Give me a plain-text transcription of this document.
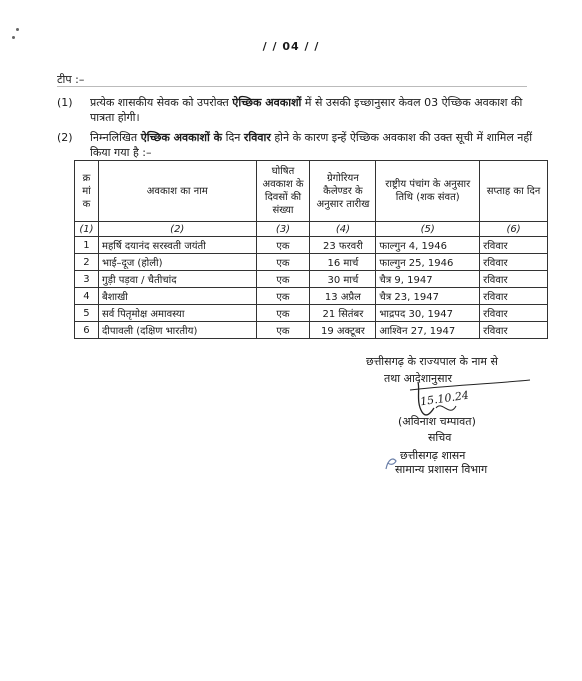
/ / 04 / /
टीप :–
(1) प्रत्येक शासकीय सेवक को उपरोक्त ऐच्छिक अवकाशों में से उसकी इच्छानुसार केवल 03 ऐच्छिक अवकाश की पात्रता होगी।
(2) निम्नलिखित ऐच्छिक अवकाशों के दिन रविवार होने के कारण इन्हें ऐच्छिक अवकाश की उक्त सूची में शामिल नहीं किया गया है :–
क्र मां क	अवकाश का नाम	घोषित अवकाश के दिवसों की संख्या	ग्रेगोरियन कैलेण्डर के अनुसार तारीख	राष्ट्रीय पंचांग के अनुसार तिथि (शक संवत)	सप्ताह का दिन
(1)	(2)	(3)	(4)	(5)	(6)
1	महर्षि दयानंद सरस्वती जयंती	एक	23 फरवरी	फाल्गुन 4, 1946	रविवार
2	भाई–दूज (होली)	एक	16 मार्च	फाल्गुन 25, 1946	रविवार
3	गुड़ी पड़वा / चैतीचांद	एक	30 मार्च	चैत्र 9, 1947	रविवार
4	बैशाखी	एक	13 अप्रैल	चैत्र 23, 1947	रविवार
5	सर्व पितृमोक्ष अमावस्या	एक	21 सितंबर	भाद्रपद 30, 1947	रविवार
6	दीपावली (दक्षिण भारतीय)	एक	19 अक्टूबर	आश्विन 27, 1947	रविवार
छत्तीसगढ़ के राज्यपाल के नाम से
तथा आदेशानुसार
15.10.24
(अविनाश चम्पावत)
सचिव
छत्तीसगढ़ शासन
सामान्य प्रशासन विभाग
